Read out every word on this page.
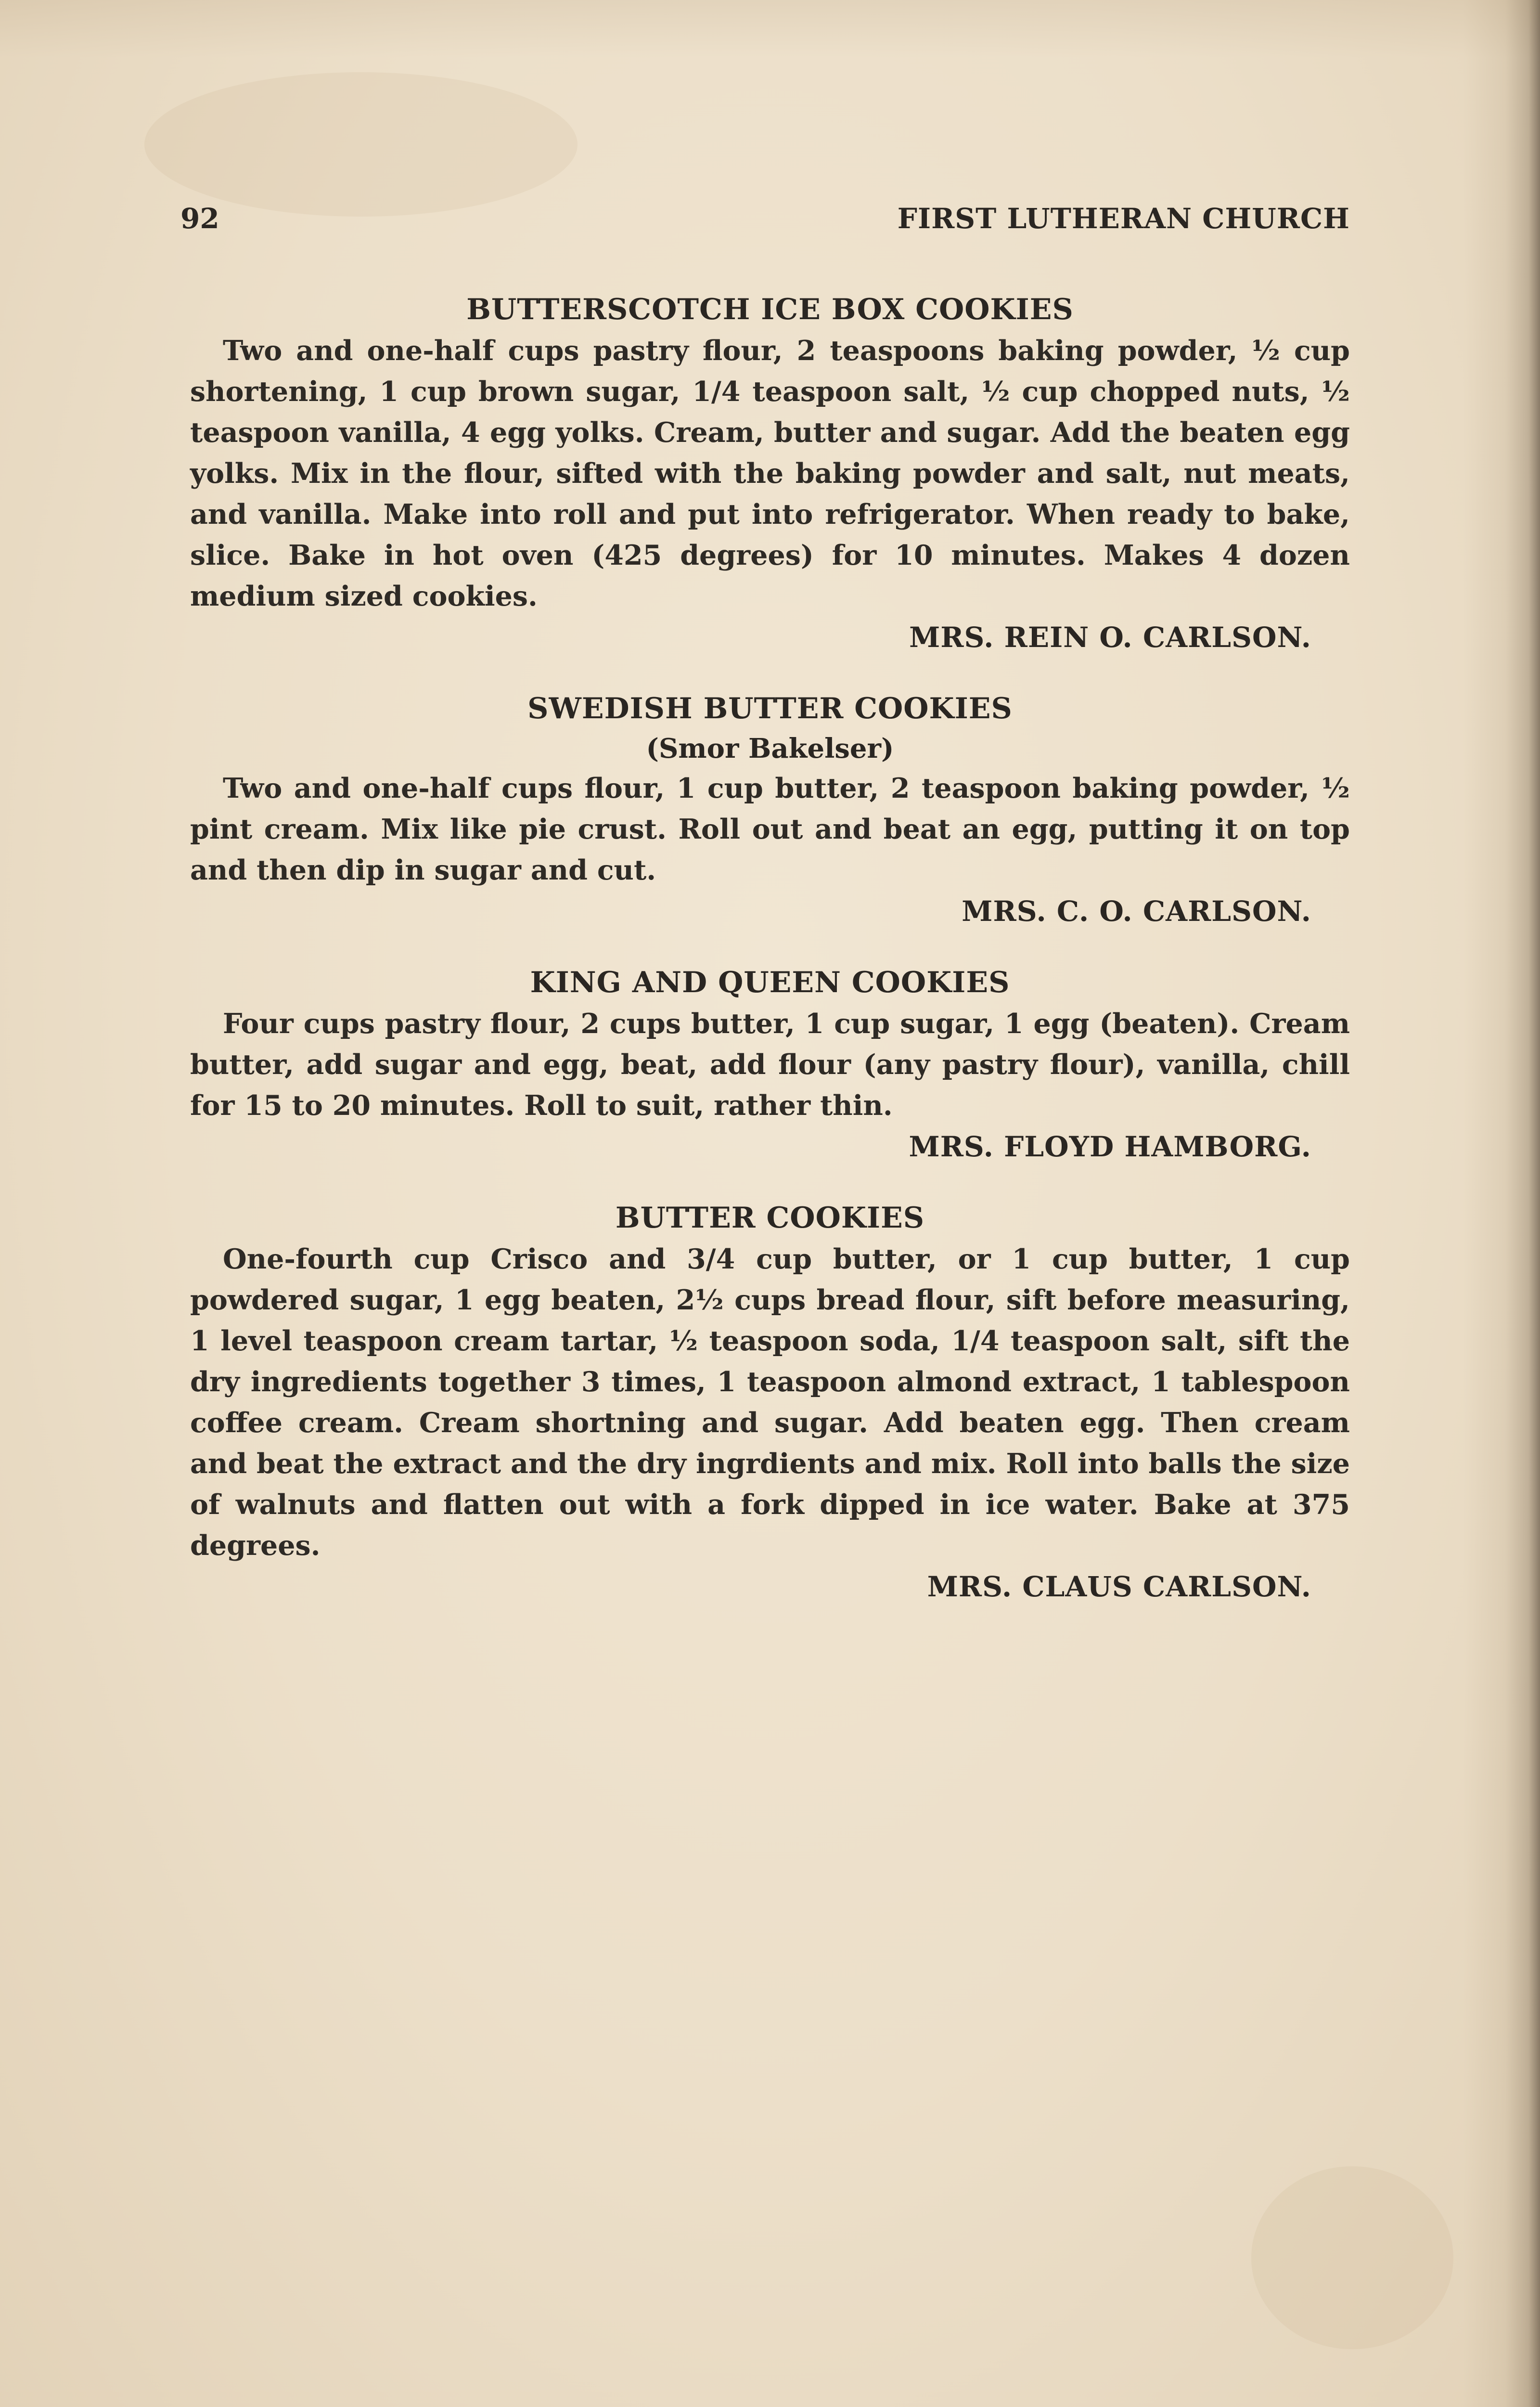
92	FIRST LUTHERAN CHURCH
BUTTERSCOTCH ICE BOX COOKIES

Two and one-half cups pastry flour, 2 teaspoons baking powder, ½ cup shortening, 1 cup brown sugar, 1/4 teaspoon salt, ½ cup chopped nuts, ½ teaspoon vanilla, 4 egg yolks. Cream, butter and sugar. Add the beaten egg yolks. Mix in the flour, sifted with the baking powder and salt, nut meats, and vanilla. Make into roll and put into refrigerator. When ready to bake, slice. Bake in hot oven (425 degrees) for 10 minutes. Makes 4 dozen medium sized cookies.

MRS. REIN O. CARLSON.

SWEDISH BUTTER COOKIES

(Smor Bakelser)

Two and one-half cups flour, 1 cup butter, 2 teaspoon baking powder, ½ pint cream. Mix like pie crust. Roll out and beat an egg, putting it on top and then dip in sugar and cut.

MRS. C. O. CARLSON.

KING AND QUEEN COOKIES

Four cups pastry flour, 2 cups butter, 1 cup sugar, 1 egg (beaten). Cream butter, add sugar and egg, beat, add flour (any pastry flour), vanilla, chill for 15 to 20 minutes. Roll to suit, rather thin.

MRS. FLOYD HAMBORG.

BUTTER COOKIES

One-fourth cup Crisco and 3/4 cup butter, or 1 cup butter, 1 cup powdered sugar, 1 egg beaten, 2½ cups bread flour, sift before measuring, 1 level teaspoon cream tartar, ½ teaspoon soda, 1/4 teaspoon salt, sift the dry ingredients together 3 times, 1 teaspoon almond extract, 1 tablespoon coffee cream. Cream shortning and sugar. Add beaten egg. Then cream and beat the extract and the dry ingrdients and mix. Roll into balls the size of walnuts and flatten out with a fork dipped in ice water. Bake at 375 degrees.

MRS. CLAUS CARLSON.
